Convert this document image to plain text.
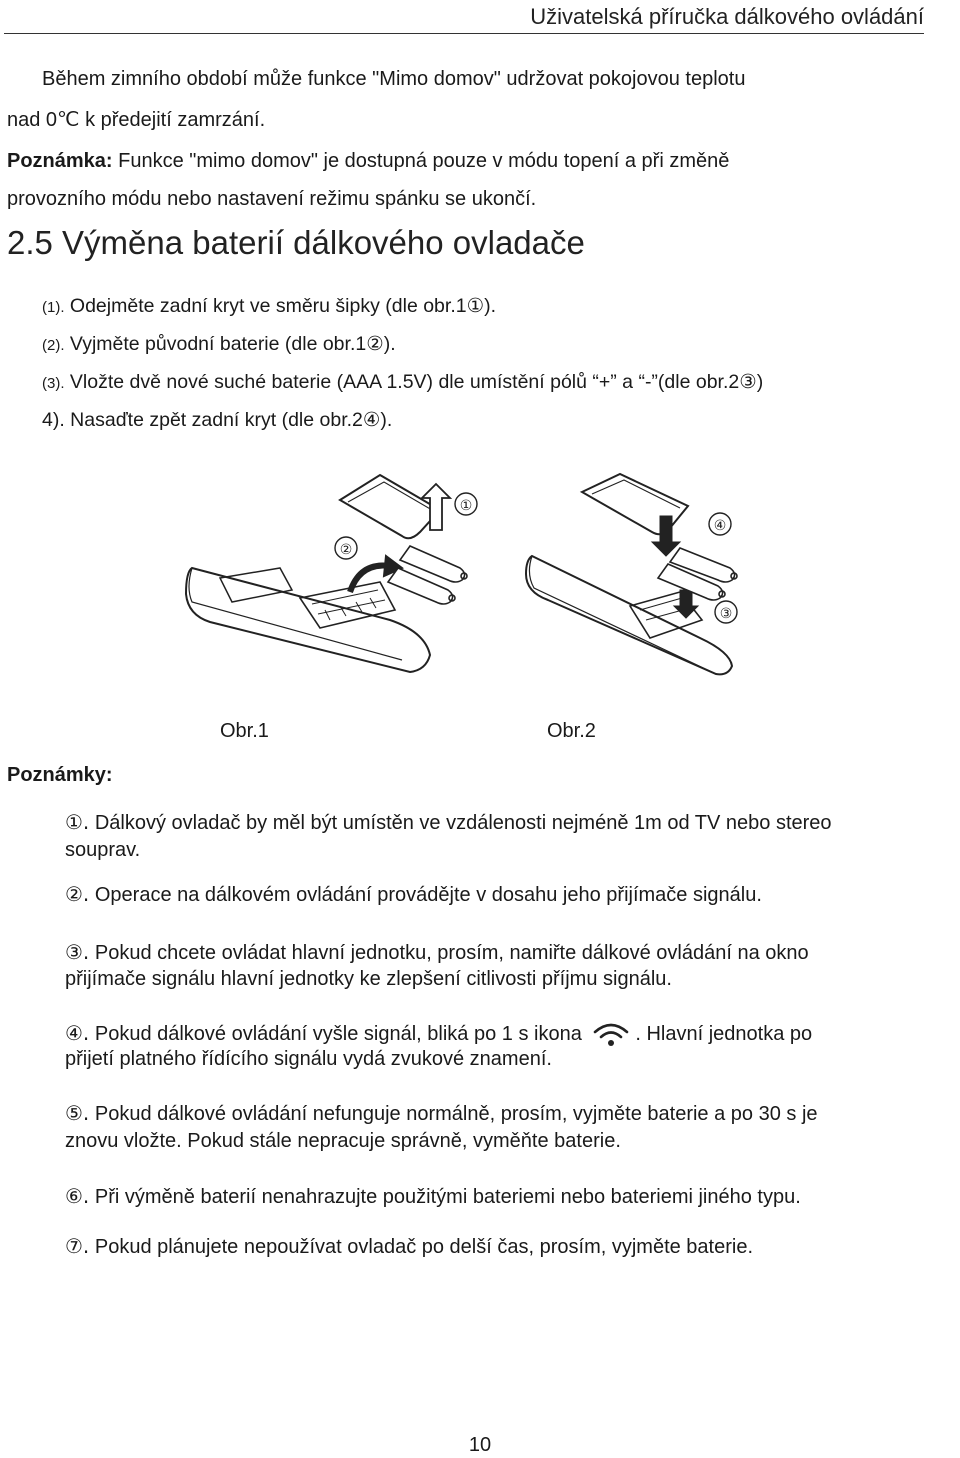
Uživatelská příručka dálkového ovládání
Během zimního období může funkce "Mimo domov" udržovat pokojovou teplotu
nad 0℃ k předejití zamrzání.
Poznámka: Funkce "mimo domov" je dostupná pouze v módu topení a při změně
provozního módu nebo nastavení režimu spánku se ukončí.
2.5 Výměna baterií dálkového ovladače
(1). Odejměte zadní kryt ve směru šipky (dle obr.1①).
(2). Vyjměte původní baterie (dle obr.1②).
(3). Vložte dvě nové suché baterie (AAA 1.5V) dle umístění pólů “+” a “-”(dle obr.2③)
4). Nasaďte zpět zadní kryt (dle obr.2④).
②
①
④
③
Obr.1	Obr.2
Poznámky:
①. Dálkový ovladač by měl být umístěn ve vzdálenosti nejméně 1m od TV nebo stereo
souprav.
②. Operace na dálkovém ovládání provádějte v dosahu jeho přijímače signálu.
③. Pokud chcete ovládat hlavní jednotku, prosím, namiřte dálkové ovládání na okno
přijímače signálu hlavní jednotky ke zlepšení citlivosti příjmu signálu.
④. Pokud dálkové ovládání vyšle signál, bliká po 1 s ikona . Hlavní jednotka po
přijetí platného řídícího signálu vydá zvukové znamení.
⑤. Pokud dálkové ovládání nefunguje normálně, prosím, vyjměte baterie a po 30 s je
znovu vložte. Pokud stále nepracuje správně, vyměňte baterie.
⑥. Při výměně baterií nenahrazujte použitými bateriemi nebo bateriemi jiného typu.
⑦. Pokud plánujete nepoužívat ovladač po delší čas, prosím, vyjměte baterie.
10
